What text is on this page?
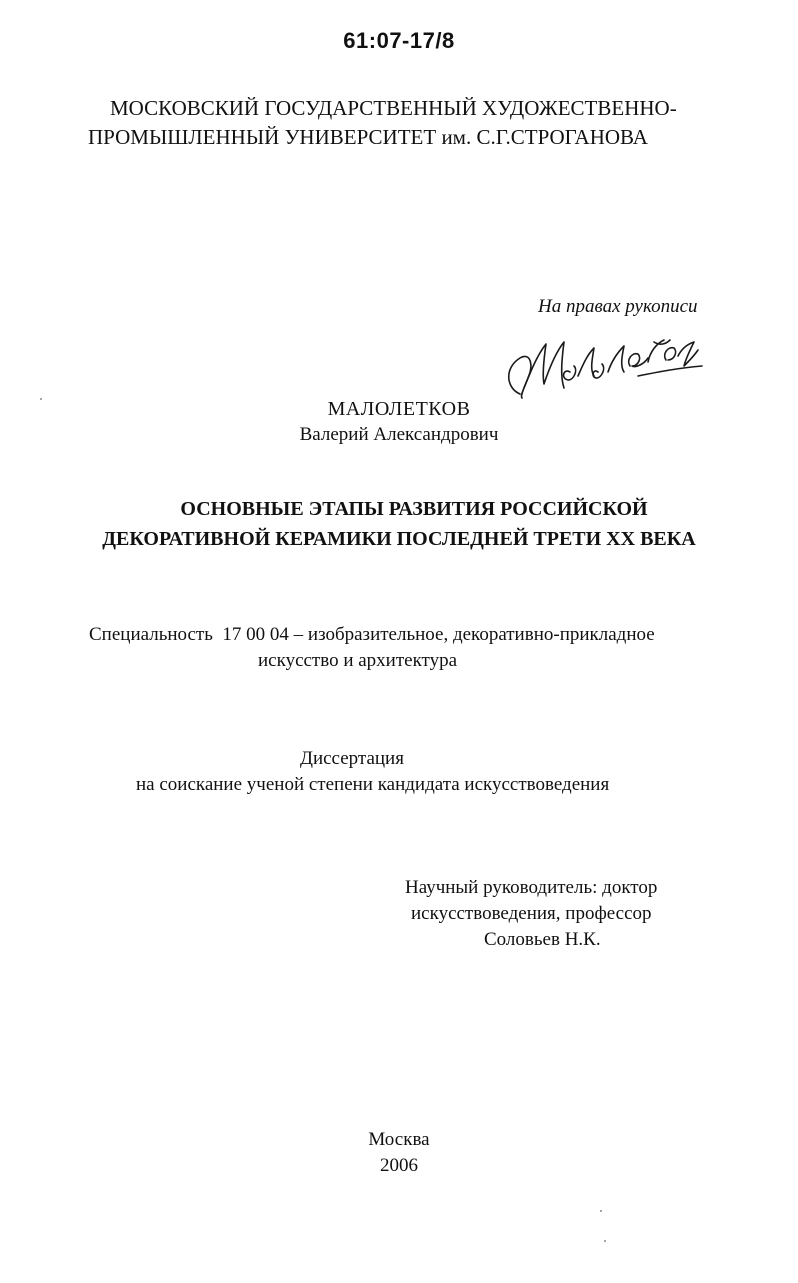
61:07-17/8
МОСКОВСКИЙ ГОСУДАРСТВЕННЫЙ ХУДОЖЕСТВЕННО-
ПРОМЫШЛЕННЫЙ УНИВЕРСИТЕТ им. С.Г.СТРОГАНОВА
На правах рукописи
МАЛОЛЕТКОВ
Валерий Александрович
ОСНОВНЫЕ ЭТАПЫ РАЗВИТИЯ РОССИЙСКОЙ
ДЕКОРАТИВНОЙ КЕРАМИКИ ПОСЛЕДНЕЙ ТРЕТИ XX ВЕКА
Специальность  17 00 04 – изобразительное, декоративно-прикладное
искусство и архитектура
Диссертация
на соискание ученой степени кандидата искусствоведения
Научный руководитель: доктор
искусствоведения, профессор
Соловьев Н.К.
Москва
2006
